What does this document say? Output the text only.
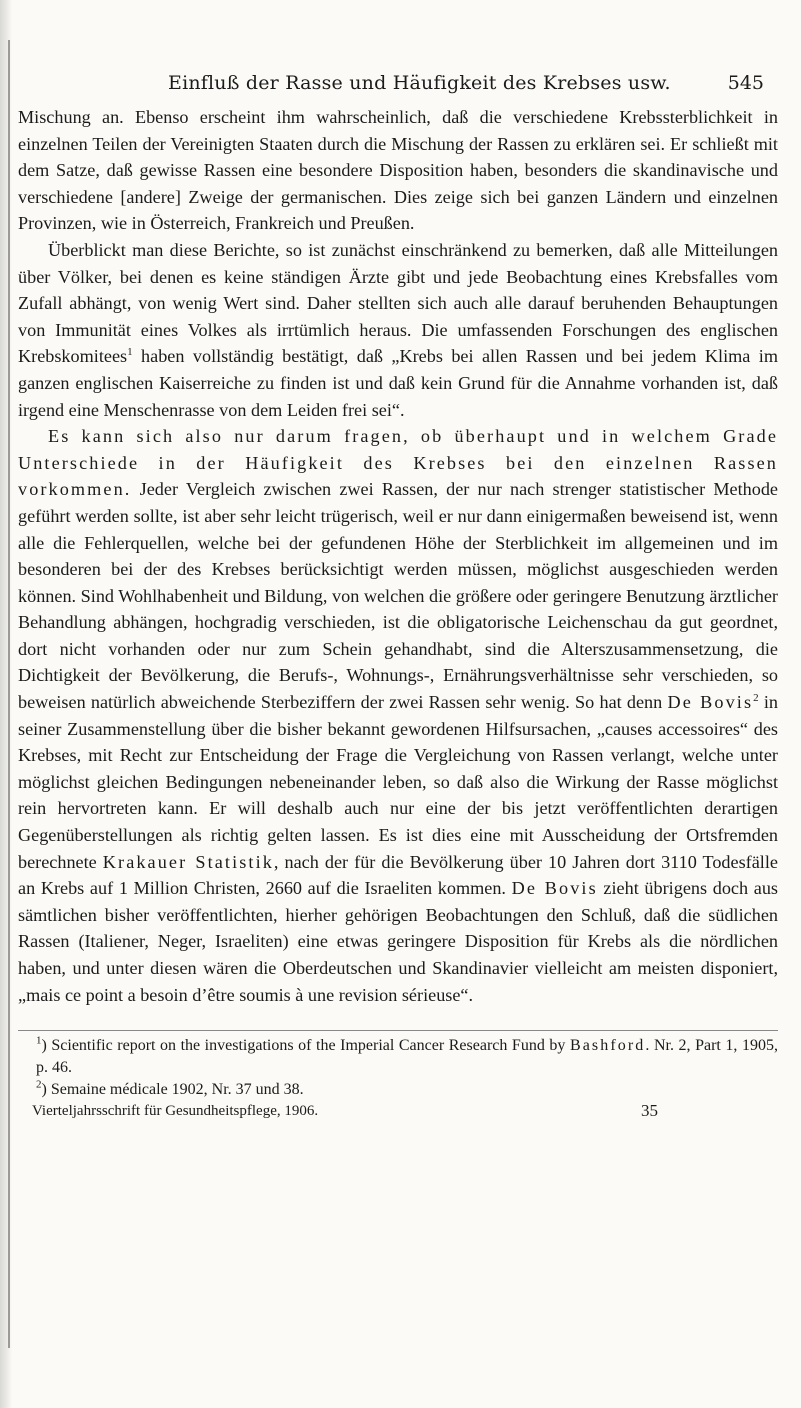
Einfluß der Rasse und Häufigkeit des Krebses usw.	545

Mischung an. Ebenso erscheint ihm wahrscheinlich, daß die verschiedene Krebssterblichkeit in einzelnen Teilen der Vereinigten Staaten durch die Mischung der Rassen zu erklären sei. Er schließt mit dem Satze, daß gewisse Rassen eine besondere Disposition haben, besonders die skandinavische und verschiedene [andere] Zweige der germanischen. Dies zeige sich bei ganzen Ländern und einzelnen Provinzen, wie in Österreich, Frankreich und Preußen.

Überblickt man diese Berichte, so ist zunächst einschränkend zu bemerken, daß alle Mitteilungen über Völker, bei denen es keine ständigen Ärzte gibt und jede Beobachtung eines Krebsfalles vom Zufall abhängt, von wenig Wert sind. Daher stellten sich auch alle darauf beruhenden Behauptungen von Immunität eines Volkes als irrtümlich heraus. Die umfassenden Forschungen des englischen Krebskomitees$^1$ haben vollständig bestätigt, daß „Krebs bei allen Rassen und bei jedem Klima im ganzen englischen Kaiserreiche zu finden ist und daß kein Grund für die Annahme vorhanden ist, daß irgend eine Menschenrasse von dem Leiden frei sei“.

Es kann sich also nur darum fragen, ob überhaupt und in welchem Grade Unterschiede in der Häufigkeit des Krebses bei den einzelnen Rassen vorkommen. Jeder Vergleich zwischen zwei Rassen, der nur nach strenger statistischer Methode geführt werden sollte, ist aber sehr leicht trügerisch, weil er nur dann einigermaßen beweisend ist, wenn alle die Fehlerquellen, welche bei der gefundenen Höhe der Sterblichkeit im allgemeinen und im besonderen bei der des Krebses berücksichtigt werden müssen, möglichst ausgeschieden werden können. Sind Wohlhabenheit und Bildung, von welchen die größere oder geringere Benutzung ärztlicher Behandlung abhängen, hochgradig verschieden, ist die obligatorische Leichenschau da gut geordnet, dort nicht vorhanden oder nur zum Schein gehandhabt, sind die Alterszusammensetzung, die Dichtigkeit der Bevölkerung, die Berufs-, Wohnungs-, Ernährungsverhältnisse sehr verschieden, so beweisen natürlich abweichende Sterbeziffern der zwei Rassen sehr wenig. So hat denn De Bovis$^2$ in seiner Zusammenstellung über die bisher bekannt gewordenen Hilfsursachen, „causes accessoires“ des Krebses, mit Recht zur Entscheidung der Frage die Vergleichung von Rassen verlangt, welche unter möglichst gleichen Bedingungen nebeneinander leben, so daß also die Wirkung der Rasse möglichst rein hervortreten kann. Er will deshalb auch nur eine der bis jetzt veröffentlichten derartigen Gegenüberstellungen als richtig gelten lassen. Es ist dies eine mit Ausscheidung der Ortsfremden berechnete Krakauer Statistik, nach der für die Bevölkerung über 10 Jahren dort 3110 Todesfälle an Krebs auf 1 Million Christen, 2660 auf die Israeliten kommen. De Bovis zieht übrigens doch aus sämtlichen bisher veröffentlichten, hierher gehörigen Beobachtungen den Schluß, daß die südlichen Rassen (Italiener, Neger, Israeliten) eine etwas geringere Disposition für Krebs als die nördlichen haben, und unter diesen wären die Oberdeutschen und Skandinavier vielleicht am meisten disponiert, „mais ce point a besoin d’être soumis à une revision sérieuse“.

$^1$) Scientific report on the investigations of the Imperial Cancer Research Fund by Bashford. Nr. 2, Part 1, 1905, p. 46.
$^2$) Semaine médicale 1902, Nr. 37 und 38.
Vierteljahrsschrift für Gesundheitspflege, 1906.	35
